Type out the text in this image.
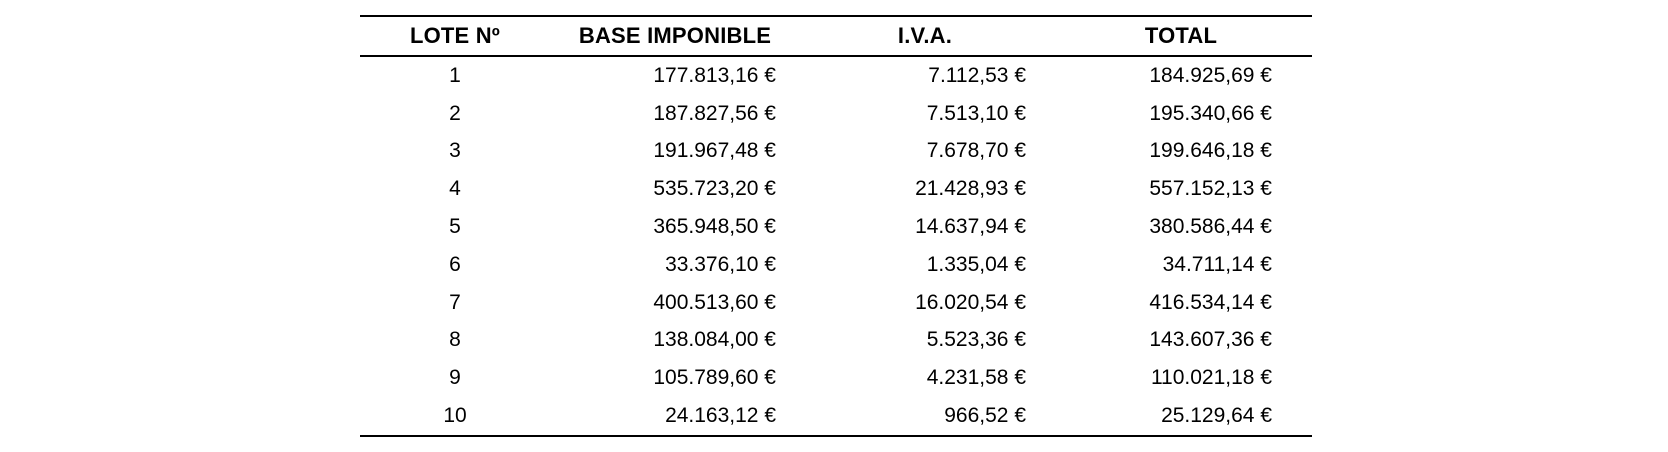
LOTE Nº	BASE IMPONIBLE	I.V.A.	TOTAL
1	177.813,16 €	7.112,53 €	184.925,69 €
2	187.827,56 €	7.513,10 €	195.340,66 €
3	191.967,48 €	7.678,70 €	199.646,18 €
4	535.723,20 €	21.428,93 €	557.152,13 €
5	365.948,50 €	14.637,94 €	380.586,44 €
6	33.376,10 €	1.335,04 €	34.711,14 €
7	400.513,60 €	16.020,54 €	416.534,14 €
8	138.084,00 €	5.523,36 €	143.607,36 €
9	105.789,60 €	4.231,58 €	110.021,18 €
10	24.163,12 €	966,52 €	25.129,64 €
